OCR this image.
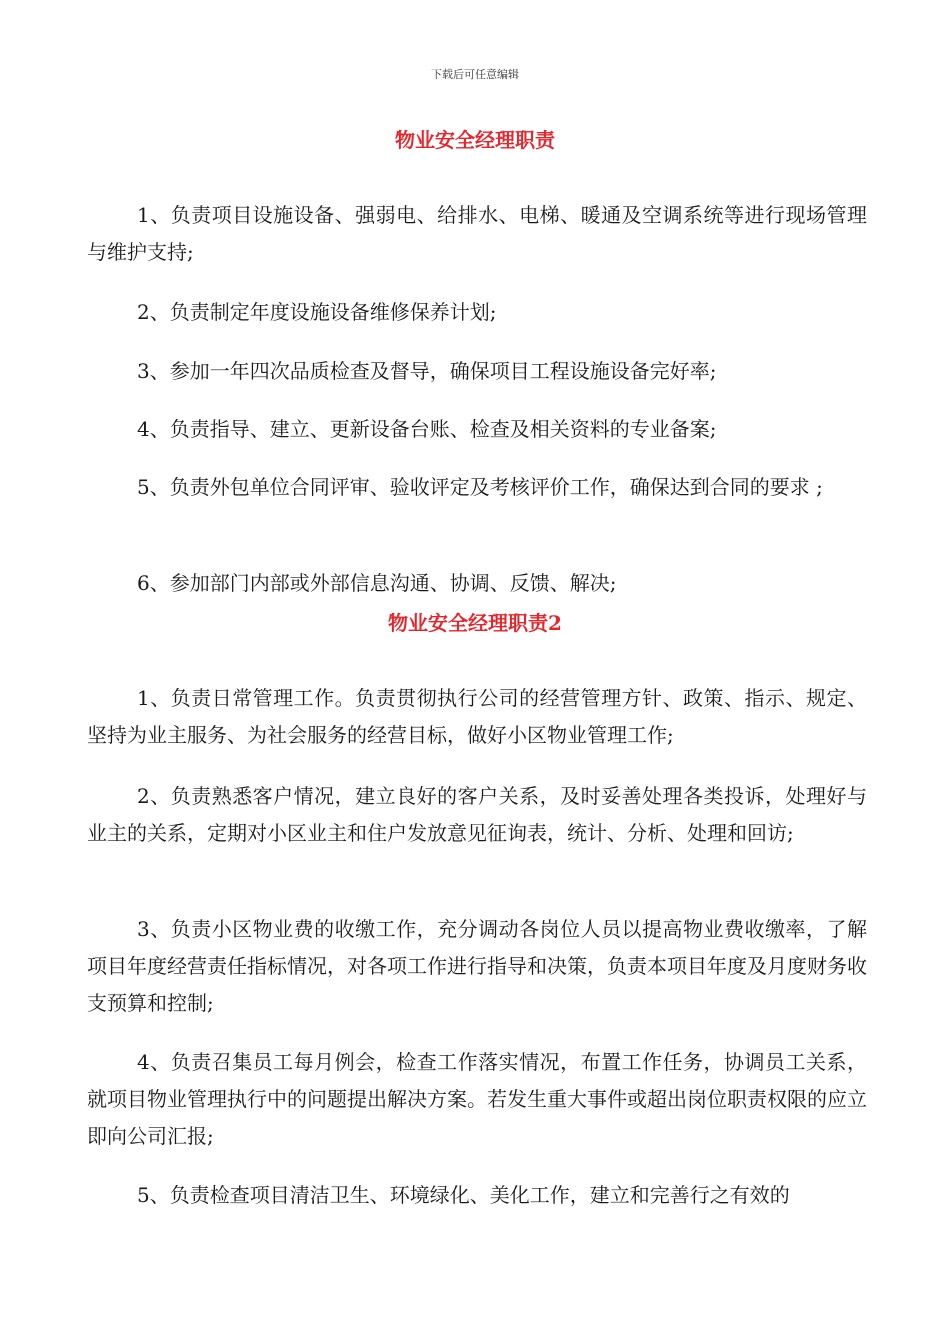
下载后可任意编辑
物业安全经理职责

1、负责项目设施设备、强弱电、给排水、电梯、暖通及空调系统等进行现场管理与维护支持;

2、负责制定年度设施设备维修保养计划;

3、参加一年四次品质检查及督导，确保项目工程设施设备完好率;

4、负责指导、建立、更新设备台账、检查及相关资料的专业备案;

5、负责外包单位合同评审、验收评定及考核评价工作，确保达到合同的要求 ;

6、参加部门内部或外部信息沟通、协调、反馈、解决;

物业安全经理职责2

1、负责日常管理工作。负责贯彻执行公司的经营管理方针、政策、指示、规定、坚持为业主服务、为社会服务的经营目标，做好小区物业管理工作;

2、负责熟悉客户情况，建立良好的客户关系，及时妥善处理各类投诉，处理好与业主的关系，定期对小区业主和住户发放意见征询表，统计、分析、处理和回访;

3、负责小区物业费的收缴工作，充分调动各岗位人员以提高物业费收缴率，了解项目年度经营责任指标情况，对各项工作进行指导和决策，负责本项目年度及月度财务收支预算和控制;

4、负责召集员工每月例会，检查工作落实情况，布置工作任务，协调员工关系，就项目物业管理执行中的问题提出解决方案。若发生重大事件或超出岗位职责权限的应立即向公司汇报;

5、负责检查项目清洁卫生、环境绿化、美化工作，建立和完善行之有效的
